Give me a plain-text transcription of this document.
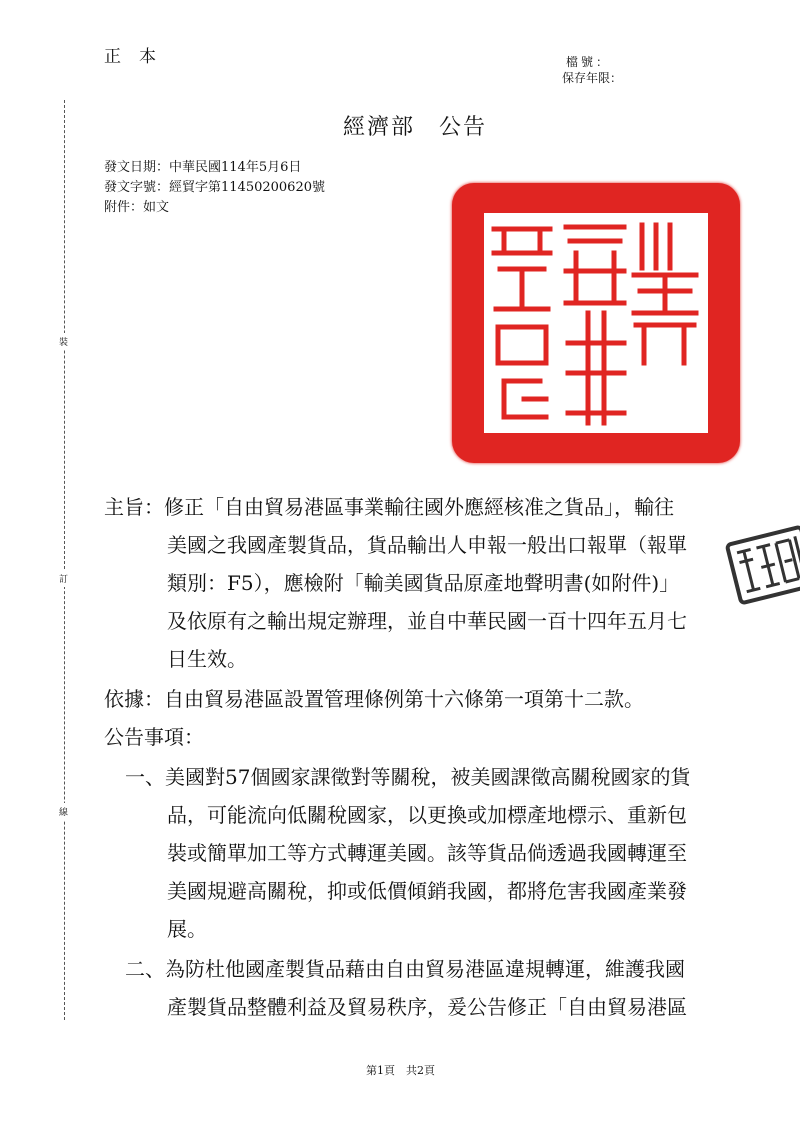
正本	檔號：
保存年限：
經濟部　公告
發文日期：中華民國114年5月6日
發文字號：經貿字第11450200620號
附件：如文
裝
訂
線
主旨：修正「自由貿易港區事業輸往國外應經核准之貨品」，輸往
美國之我國產製貨品，貨品輸出人申報一般出口報單（報單
類別：F5），應檢附「輸美國貨品原產地聲明書(如附件)」
及依原有之輸出規定辦理，並自中華民國一百十四年五月七
日生效。
依據：自由貿易港區設置管理條例第十六條第一項第十二款。
公告事項：
一、美國對57個國家課徵對等關稅，被美國課徵高關稅國家的貨
品，可能流向低關稅國家，以更換或加標產地標示、重新包
裝或簡單加工等方式轉運美國。該等貨品倘透過我國轉運至
美國規避高關稅，抑或低價傾銷我國，都將危害我國產業發
展。
二、為防杜他國產製貨品藉由自由貿易港區違規轉運，維護我國
產製貨品整體利益及貿易秩序，爰公告修正「自由貿易港區
第1頁　共2頁
